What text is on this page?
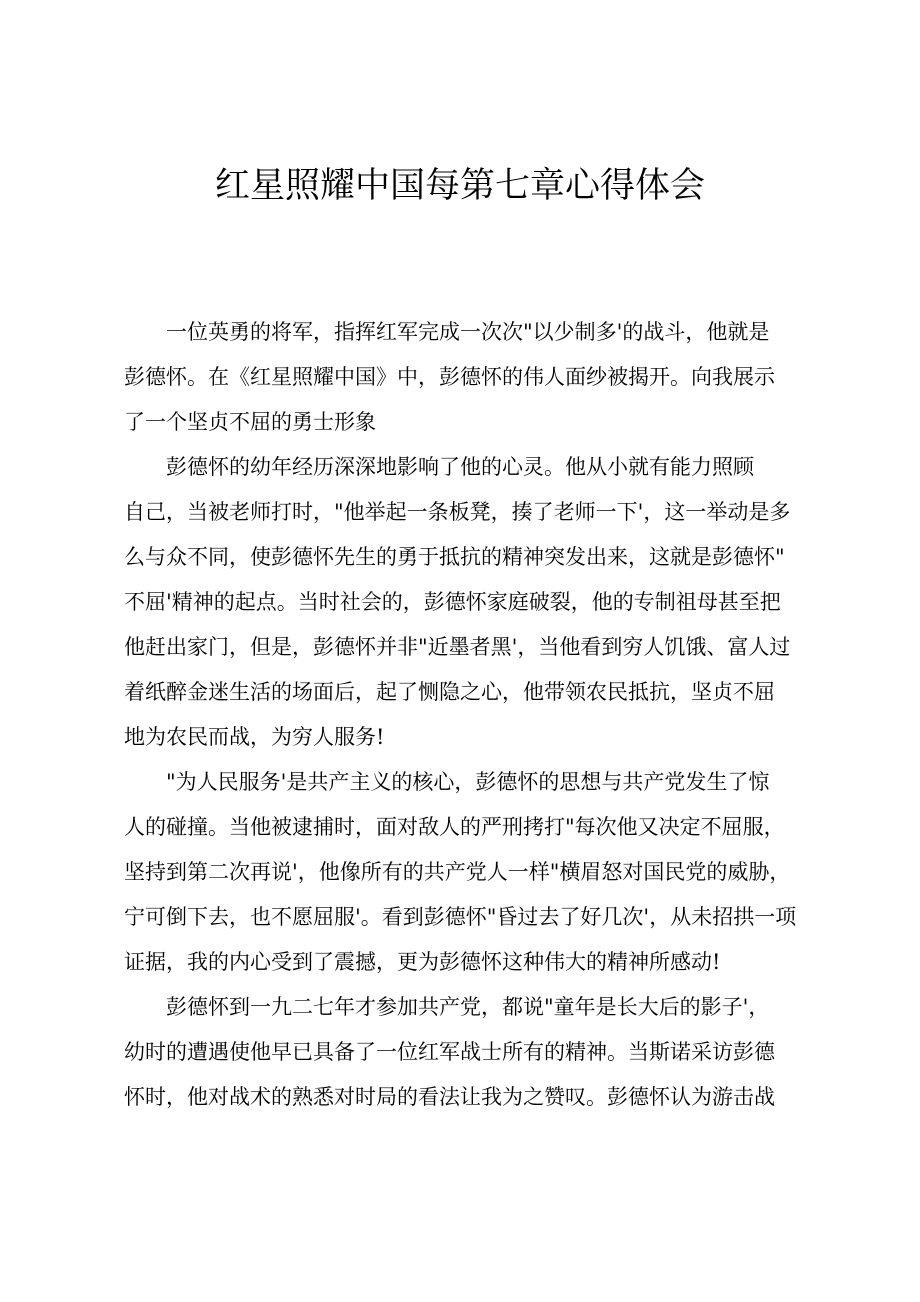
红星照耀中国每第七章心得体会

一位英勇的将军，指挥红军完成一次次"以少制多'的战斗，他就是
彭德怀。在《红星照耀中国》中，彭德怀的伟人面纱被揭开。向我展示
了一个坚贞不屈的勇士形象

彭德怀的幼年经历深深地影响了他的心灵。他从小就有能力照顾
自己，当被老师打时，"他举起一条板凳，揍了老师一下'，这一举动是多
么与众不同，使彭德怀先生的勇于抵抗的精神突发出来，这就是彭德怀"
不屈'精神的起点。当时社会的，彭德怀家庭破裂，他的专制祖母甚至把
他赶出家门，但是，彭德怀并非"近墨者黑'，当他看到穷人饥饿、富人过
着纸醉金迷生活的场面后，起了恻隐之心，他带领农民抵抗，坚贞不屈
地为农民而战，为穷人服务!

"为人民服务'是共产主义的核心，彭德怀的思想与共产党发生了惊
人的碰撞。当他被逮捕时，面对敌人的严刑拷打"每次他又决定不屈服，
坚持到第二次再说'，他像所有的共产党人一样"横眉怒对国民党的威胁，
宁可倒下去，也不愿屈服'。看到彭德怀"昏过去了好几次'，从未招拱一项
证据，我的内心受到了震撼，更为彭德怀这种伟大的精神所感动!

彭德怀到一九二七年才参加共产党，都说"童年是长大后的影子'，
幼时的遭遇使他早已具备了一位红军战士所有的精神。当斯诺采访彭德
怀时，他对战术的熟悉对时局的看法让我为之赞叹。彭德怀认为游击战
